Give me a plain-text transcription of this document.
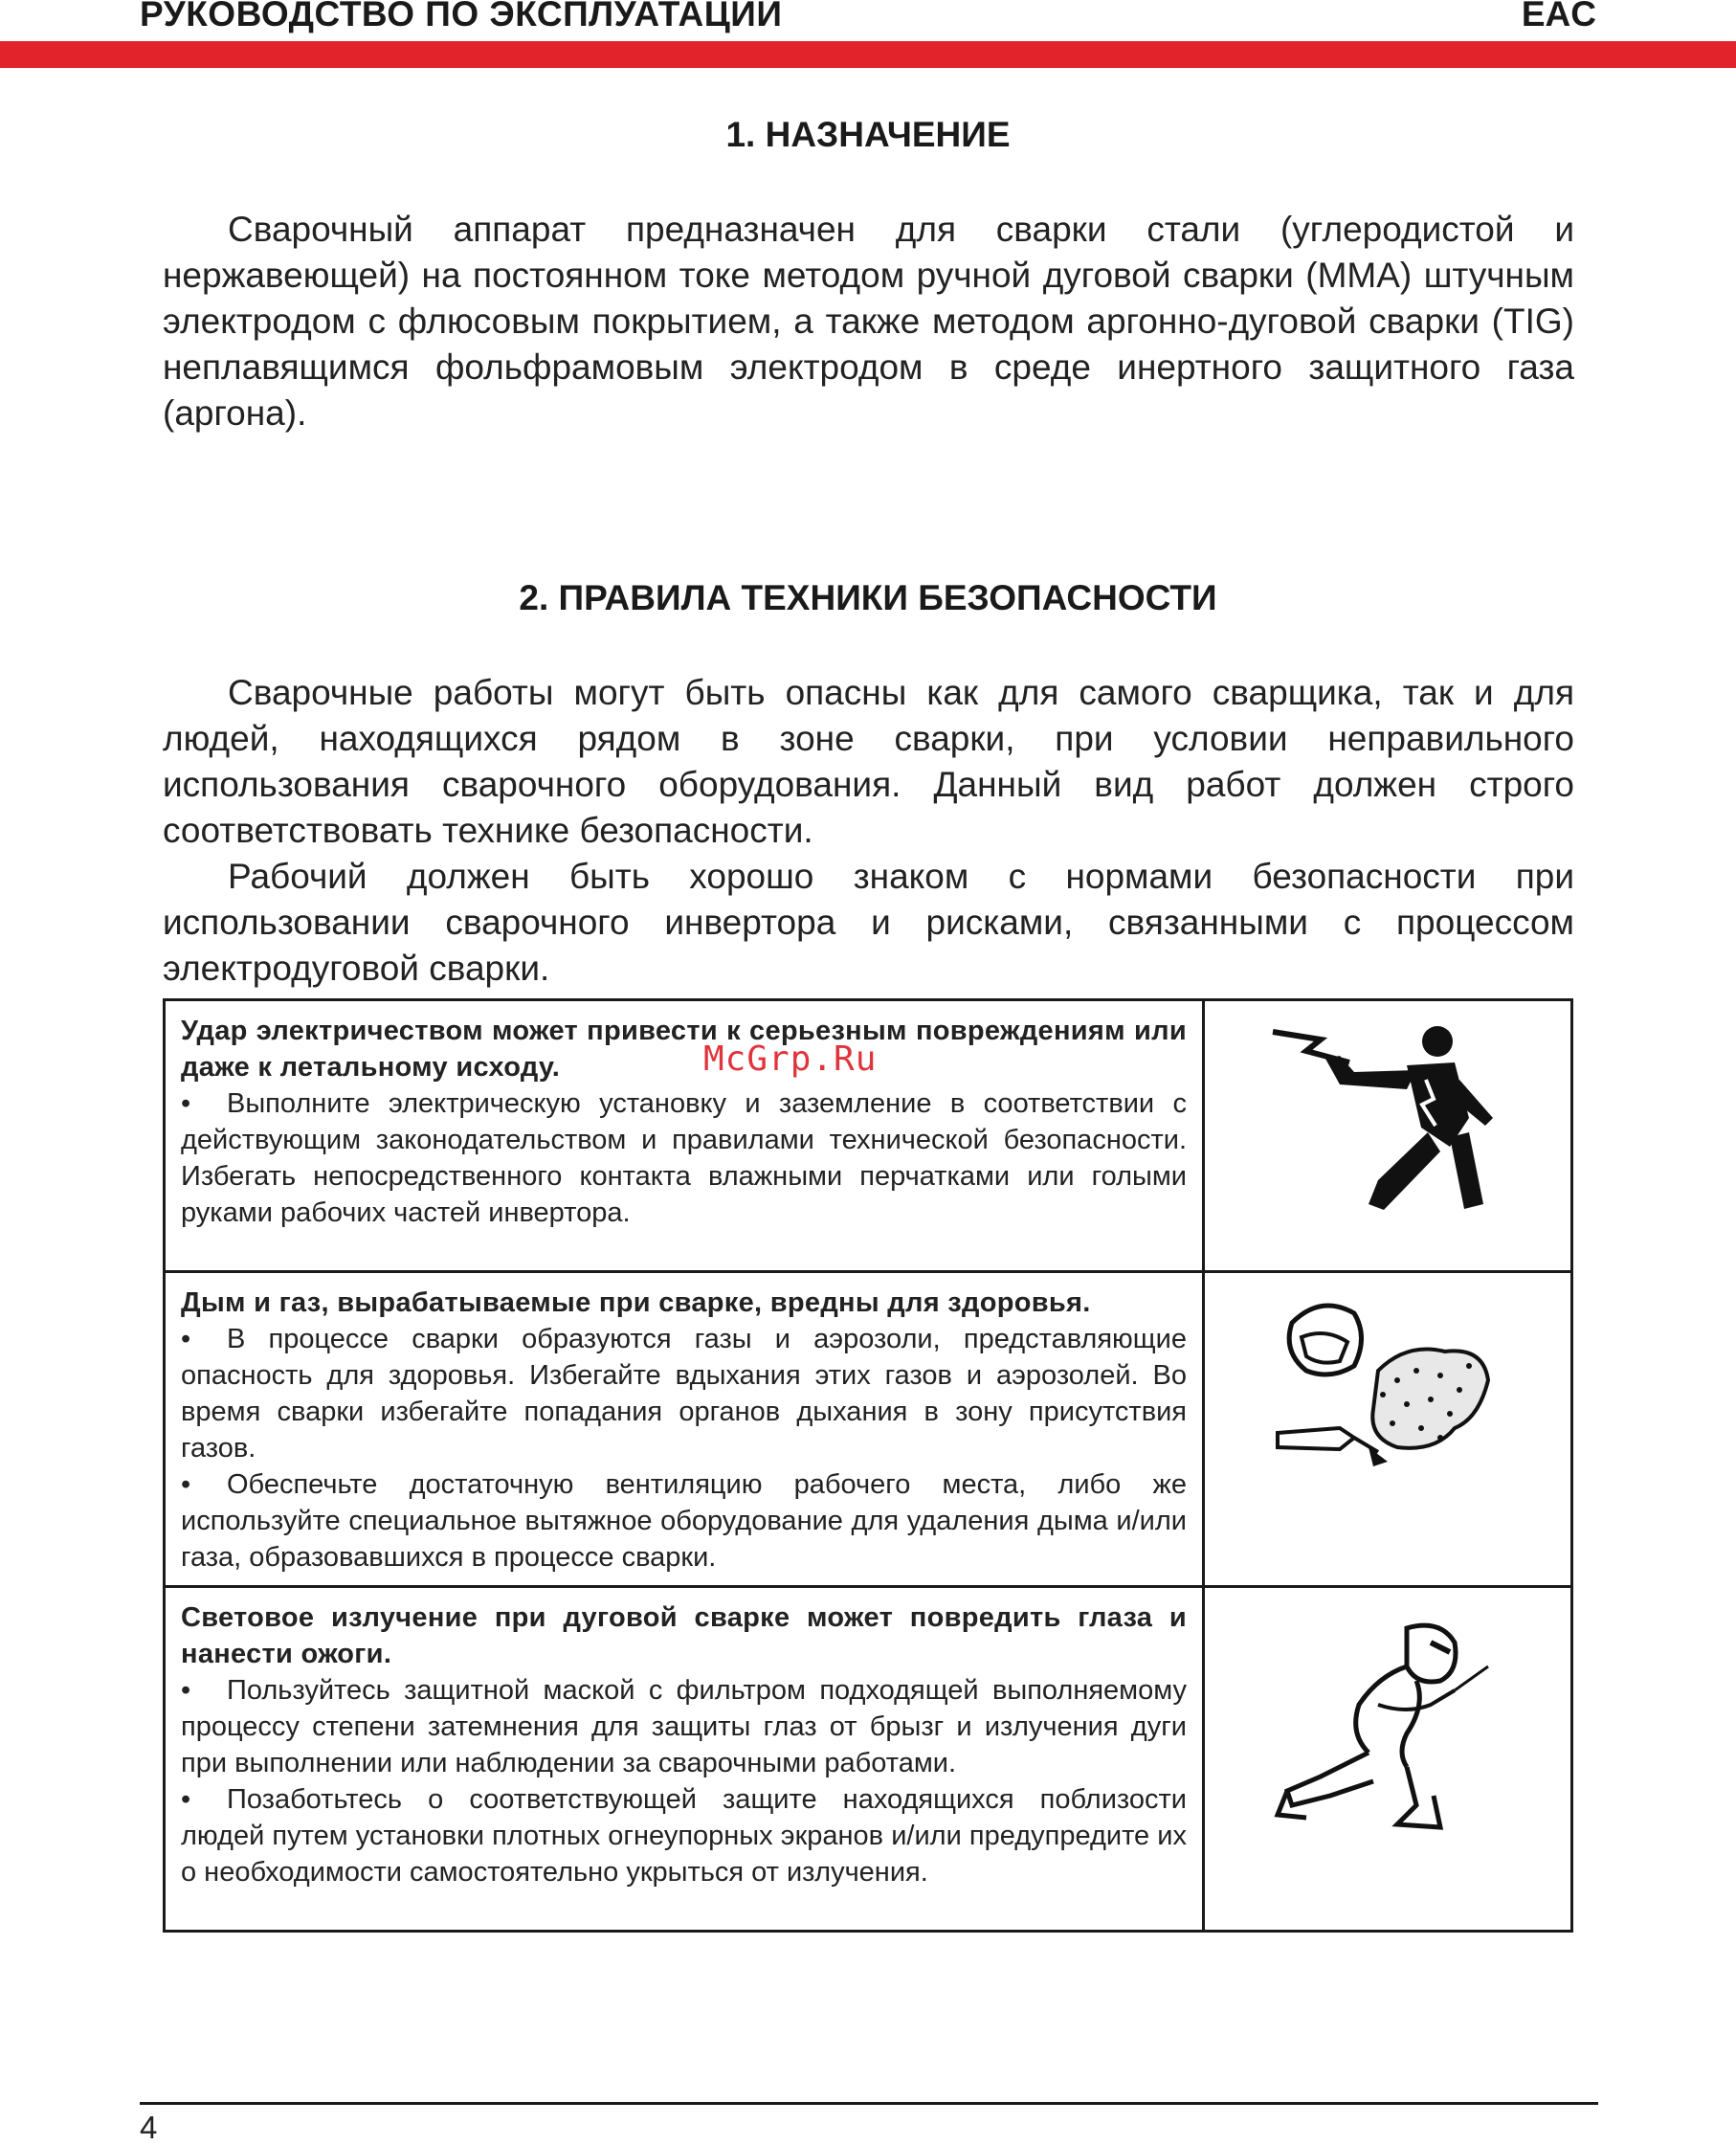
РУКОВОДСТВО ПО ЭКСПЛУАТАЦИИ	EAC
1. НАЗНАЧЕНИЕ

Сварочный аппарат предназначен для сварки стали (углеродистой и нержавеющей) на постоянном токе методом ручной дуговой сварки (ММА) штучным электродом с флюсовым покрытием, а также методом аргонно-дуговой сварки (TIG) неплавящимся фольфрамовым электродом в среде инертного защитного газа (аргона).

2. ПРАВИЛА ТЕХНИКИ БЕЗОПАСНОСТИ

Сварочные работы могут быть опасны как для самого сварщика, так и для людей, находящихся рядом в зоне сварки, при условии неправильного использования сварочного оборудования. Данный вид работ должен строго соответствовать технике безопасности.

Рабочий должен быть хорошо знаком с нормами безопасности при использовании сварочного инвертора и рисками, связанными с процессом электродуговой сварки.

Удар электричеством может привести к серьезным повреждениям или даже к летальному исходу.
• Выполните электрическую установку и заземление в соответствии с действующим законодательством и правилами технической безопасности. Избегать непосредственного контакта влажными перчатками или голыми руками рабочих частей инвертора.

Дым и газ, вырабатываемые при сварке, вредны для здоровья.
• В процессе сварки образуются газы и аэрозоли, представляющие опасность для здоровья. Избегайте вдыхания этих газов и аэрозолей. Во время сварки избегайте попадания органов дыхания в зону присутствия газов.
• Обеспечьте достаточную вентиляцию рабочего места, либо же используйте специальное вытяжное оборудование для удаления дыма и/или газа, образовавшихся в процессе сварки.

Световое излучение при дуговой сварке может повредить глаза и нанести ожоги.
• Пользуйтесь защитной маской с фильтром подходящей выполняемому процессу степени затемнения для защиты глаз от брызг и излучения дуги при выполнении или наблюдении за сварочными работами.
• Позаботьтесь о соответствующей защите находящихся поблизости людей путем установки плотных огнеупорных экранов и/или предупредите их о необходимости самостоятельно укрыться от излучения.

McGrp.Ru
4
